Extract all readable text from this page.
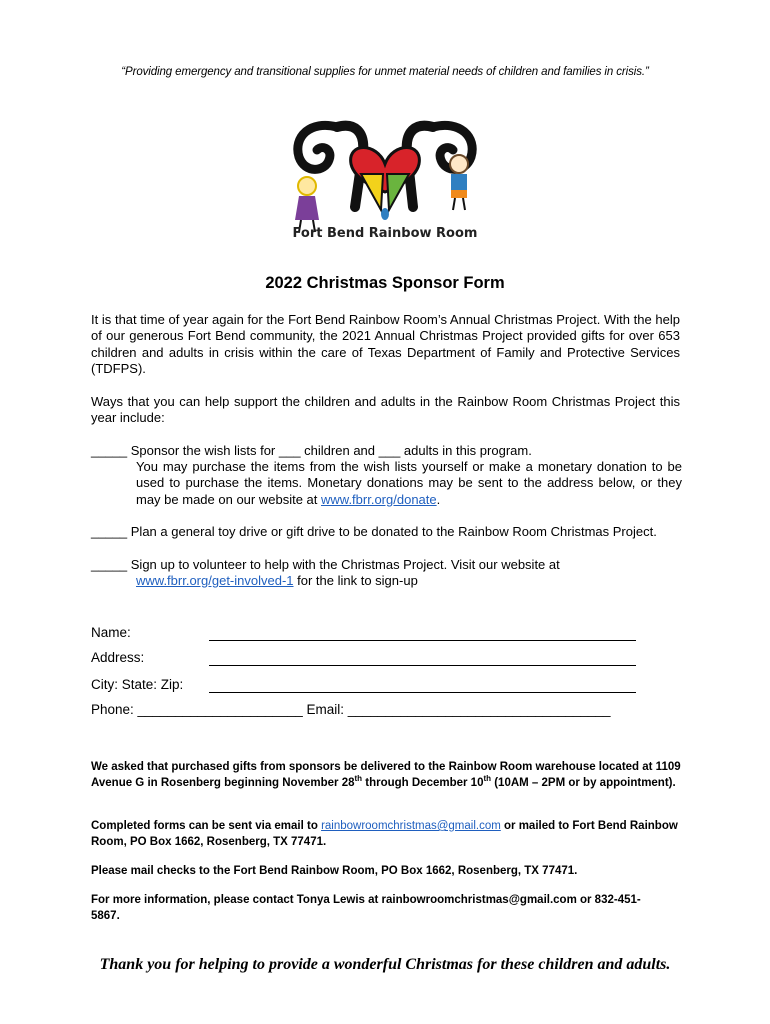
“Providing emergency and transitional supplies for unmet material needs of children and families in crisis.”
Fort Bend Rainbow Room
2022 Christmas Sponsor Form
It is that time of year again for the Fort Bend Rainbow Room’s Annual Christmas Project. With the help of our generous Fort Bend community, the 2021 Annual Christmas Project provided gifts for over 653 children and adults in crisis within the care of Texas Department of Family and Protective Services (TDFPS).
Ways that you can help support the children and adults in the Rainbow Room Christmas Project this year include:
_____ Sponsor the wish lists for ___ children and ___ adults in this program.
You may purchase the items from the wish lists yourself or make a monetary donation to be used to purchase the items. Monetary donations may be sent to the address below, or they may be made on our website at www.fbrr.org/donate.
_____ Plan a general toy drive or gift drive to be donated to the Rainbow Room Christmas Project.
_____ Sign up to volunteer to help with the Christmas Project. Visit our website at
www.fbrr.org/get-involved-1 for the link to sign-up
Name:
Address:
City: State: Zip:
Phone: ______________________ Email: ___________________________________
We asked that purchased gifts from sponsors be delivered to the Rainbow Room warehouse located at 1109 Avenue G in Rosenberg beginning November 28th through December 10th (10AM – 2PM or by appointment).
Completed forms can be sent via email to rainbowroomchristmas@gmail.com or mailed to Fort Bend Rainbow Room, PO Box 1662, Rosenberg, TX 77471.
Please mail checks to the Fort Bend Rainbow Room, PO Box 1662, Rosenberg, TX 77471.
For more information, please contact Tonya Lewis at rainbowroomchristmas@gmail.com or 832-451-5867.
Thank you for helping to provide a wonderful Christmas for these children and adults.
